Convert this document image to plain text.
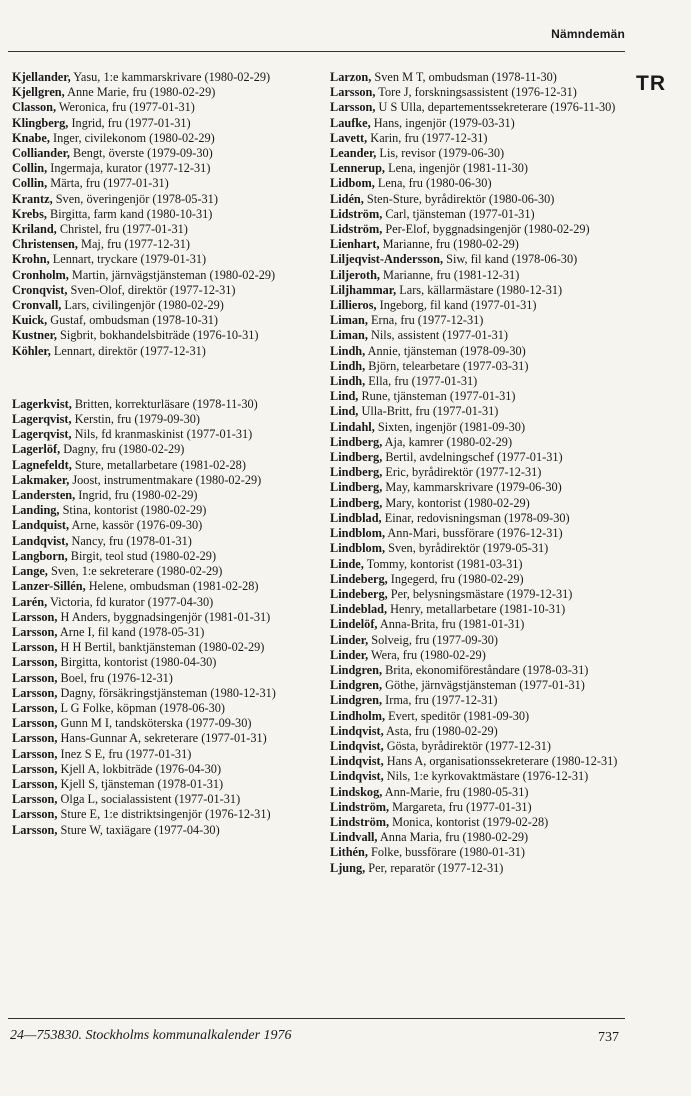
Nämndemän
TR

Kjellander, Yasu, 1:e kammarskrivare (1980-02-29)

Kjellgren, Anne Marie, fru (1980-02-29)

Classon, Weronica, fru (1977-01-31)

Klingberg, Ingrid, fru (1977-01-31)

Knabe, Inger, civilekonom (1980-02-29)

Colliander, Bengt, överste (1979-09-30)

Collin, Ingermaja, kurator (1977-12-31)

Collin, Märta, fru (1977-01-31)

Krantz, Sven, överingenjör (1978-05-31)

Krebs, Birgitta, farm kand (1980-10-31)

Kriland, Christel, fru (1977-01-31)

Christensen, Maj, fru (1977-12-31)

Krohn, Lennart, tryckare (1979-01-31)

Cronholm, Martin, järnvägstjänsteman (1980-02-29)

Cronqvist, Sven-Olof, direktör (1977-12-31)

Cronvall, Lars, civilingenjör (1980-02-29)

Kuick, Gustaf, ombudsman (1978-10-31)

Kustner, Sigbrit, bokhandelsbiträde (1976-10-31)

Köhler, Lennart, direktör (1977-12-31)

Lagerkvist, Britten, korrekturläsare (1978-11-30)

Lagerqvist, Kerstin, fru (1979-09-30)

Lagerqvist, Nils, fd kranmaskinist (1977-01-31)

Lagerlöf, Dagny, fru (1980-02-29)

Lagnefeldt, Sture, metallarbetare (1981-02-28)

Lakmaker, Joost, instrumentmakare (1980-02-29)

Landersten, Ingrid, fru (1980-02-29)

Landing, Stina, kontorist (1980-02-29)

Landquist, Arne, kassör (1976-09-30)

Landqvist, Nancy, fru (1978-01-31)

Langborn, Birgit, teol stud (1980-02-29)

Lange, Sven, 1:e sekreterare (1980-02-29)

Lanzer-Sillén, Helene, ombudsman (1981-02-28)

Larén, Victoria, fd kurator (1977-04-30)

Larsson, H Anders, byggnadsingenjör (1981-01-31)

Larsson, Arne I, fil kand (1978-05-31)

Larsson, H H Bertil, banktjänsteman (1980-02-29)

Larsson, Birgitta, kontorist (1980-04-30)

Larsson, Boel, fru (1976-12-31)

Larsson, Dagny, försäkringstjänsteman (1980-12-31)

Larsson, L G Folke, köpman (1978-06-30)

Larsson, Gunn M I, tandsköterska (1977-09-30)

Larsson, Hans-Gunnar A, sekreterare (1977-01-31)

Larsson, Inez S E, fru (1977-01-31)

Larsson, Kjell A, lokbiträde (1976-04-30)

Larsson, Kjell S, tjänsteman (1978-01-31)

Larsson, Olga L, socialassistent (1977-01-31)

Larsson, Sture E, 1:e distriktsingenjör (1976-12-31)

Larsson, Sture W, taxiägare (1977-04-30)

Larzon, Sven M T, ombudsman (1978-11-30)

Larsson, Tore J, forskningsassistent (1976-12-31)

Larsson, U S Ulla, departementssekreterare (1976-11-30)

Laufke, Hans, ingenjör (1979-03-31)

Lavett, Karin, fru (1977-12-31)

Leander, Lis, revisor (1979-06-30)

Lennerup, Lena, ingenjör (1981-11-30)

Lidbom, Lena, fru (1980-06-30)

Lidén, Sten-Sture, byrådirektör (1980-06-30)

Lidström, Carl, tjänsteman (1977-01-31)

Lidström, Per-Elof, byggnadsingenjör (1980-02-29)

Lienhart, Marianne, fru (1980-02-29)

Liljeqvist-Andersson, Siw, fil kand (1978-06-30)

Liljeroth, Marianne, fru (1981-12-31)

Liljhammar, Lars, källarmästare (1980-12-31)

Lillieros, Ingeborg, fil kand (1977-01-31)

Liman, Erna, fru (1977-12-31)

Liman, Nils, assistent (1977-01-31)

Lindh, Annie, tjänsteman (1978-09-30)

Lindh, Björn, telearbetare (1977-03-31)

Lindh, Ella, fru (1977-01-31)

Lind, Rune, tjänsteman (1977-01-31)

Lind, Ulla-Britt, fru (1977-01-31)

Lindahl, Sixten, ingenjör (1981-09-30)

Lindberg, Aja, kamrer (1980-02-29)

Lindberg, Bertil, avdelningschef (1977-01-31)

Lindberg, Eric, byrådirektör (1977-12-31)

Lindberg, May, kammarskrivare (1979-06-30)

Lindberg, Mary, kontorist (1980-02-29)

Lindblad, Einar, redovisningsman (1978-09-30)

Lindblom, Ann-Mari, bussförare (1976-12-31)

Lindblom, Sven, byrådirektör (1979-05-31)

Linde, Tommy, kontorist (1981-03-31)

Lindeberg, Ingegerd, fru (1980-02-29)

Lindeberg, Per, belysningsmästare (1979-12-31)

Lindeblad, Henry, metallarbetare (1981-10-31)

Lindelöf, Anna-Brita, fru (1981-01-31)

Linder, Solveig, fru (1977-09-30)

Linder, Wera, fru (1980-02-29)

Lindgren, Brita, ekonomiföreståndare (1978-03-31)

Lindgren, Göthe, järnvägstjänsteman (1977-01-31)

Lindgren, Irma, fru (1977-12-31)

Lindholm, Evert, speditör (1981-09-30)

Lindqvist, Asta, fru (1980-02-29)

Lindqvist, Gösta, byrådirektör (1977-12-31)

Lindqvist, Hans A, organisationssekreterare (1980-12-31)

Lindqvist, Nils, 1:e kyrkovaktmästare (1976-12-31)

Lindskog, Ann-Marie, fru (1980-05-31)

Lindström, Margareta, fru (1977-01-31)

Lindström, Monica, kontorist (1979-02-28)

Lindvall, Anna Maria, fru (1980-02-29)

Lithén, Folke, bussförare (1980-01-31)

Ljung, Per, reparatör (1977-12-31)

24—753830. Stockholms kommunalkalender 1976	737
